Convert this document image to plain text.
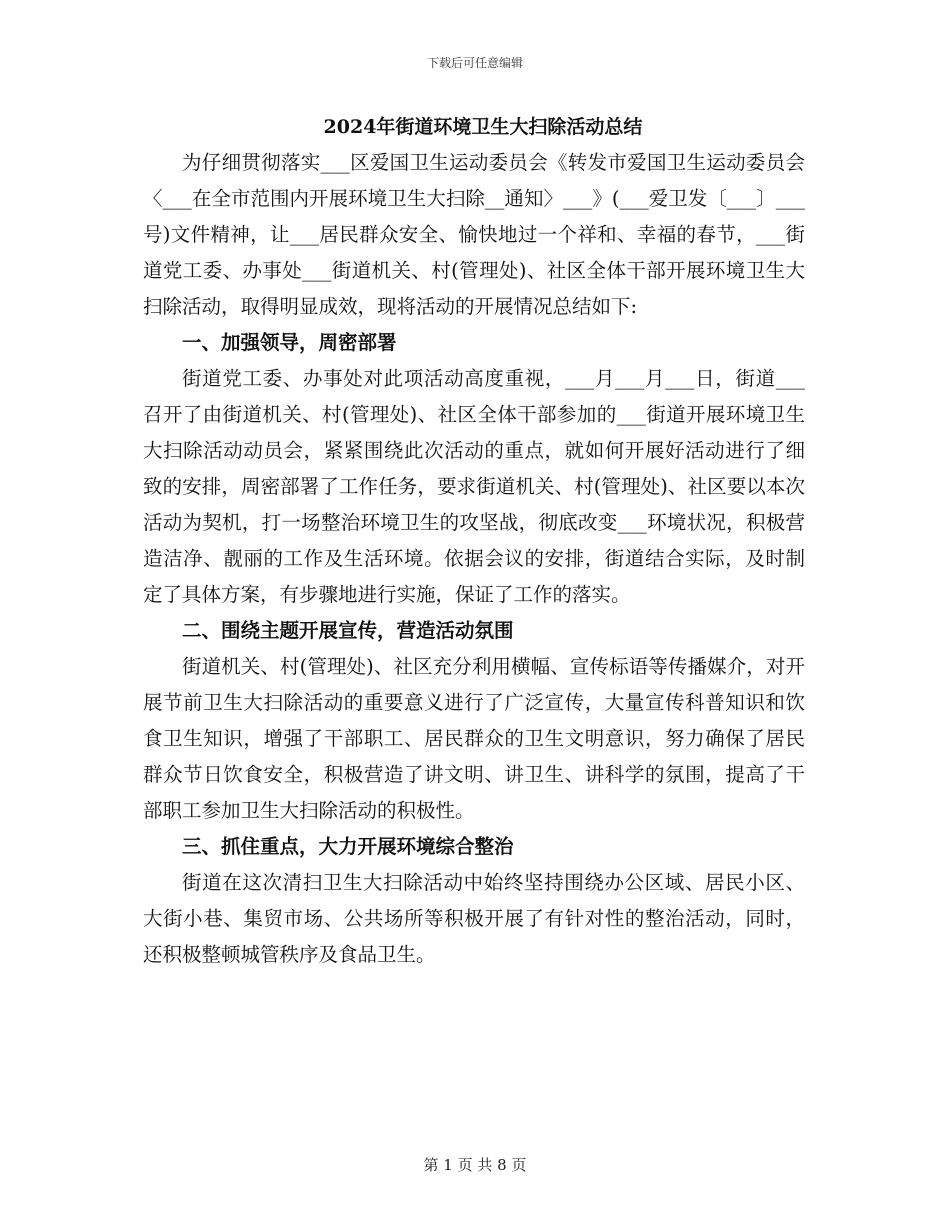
下载后可任意编辑
2024年街道环境卫生大扫除活动总结

为仔细贯彻落实___区爱国卫生运动委员会《转发市爱国卫生运动委员会〈___在全市范围内开展环境卫生大扫除__通知〉___》(___爱卫发〔___〕___号)文件精神，让___居民群众安全、愉快地过一个祥和、幸福的春节，___街道党工委、办事处___街道机关、村(管理处)、社区全体干部开展环境卫生大扫除活动，取得明显成效，现将活动的开展情况总结如下:

一、加强领导，周密部署

街道党工委、办事处对此项活动高度重视，___月___月___日，街道___召开了由街道机关、村(管理处)、社区全体干部参加的___街道开展环境卫生大扫除活动动员会，紧紧围绕此次活动的重点，就如何开展好活动进行了细致的安排，周密部署了工作任务，要求街道机关、村(管理处)、社区要以本次活动为契机，打一场整治环境卫生的攻坚战，彻底改变___环境状况，积极营造洁净、靓丽的工作及生活环境。依据会议的安排，街道结合实际，及时制定了具体方案，有步骤地进行实施，保证了工作的落实。

二、围绕主题开展宣传，营造活动氛围

街道机关、村(管理处)、社区充分利用横幅、宣传标语等传播媒介，对开展节前卫生大扫除活动的重要意义进行了广泛宣传，大量宣传科普知识和饮食卫生知识，增强了干部职工、居民群众的卫生文明意识，努力确保了居民群众节日饮食安全，积极营造了讲文明、讲卫生、讲科学的氛围，提高了干部职工参加卫生大扫除活动的积极性。

三、抓住重点，大力开展环境综合整治

街道在这次清扫卫生大扫除活动中始终坚持围绕办公区域、居民小区、大街小巷、集贸市场、公共场所等积极开展了有针对性的整治活动，同时，还积极整顿城管秩序及食品卫生。

第 1 页 共 8 页
